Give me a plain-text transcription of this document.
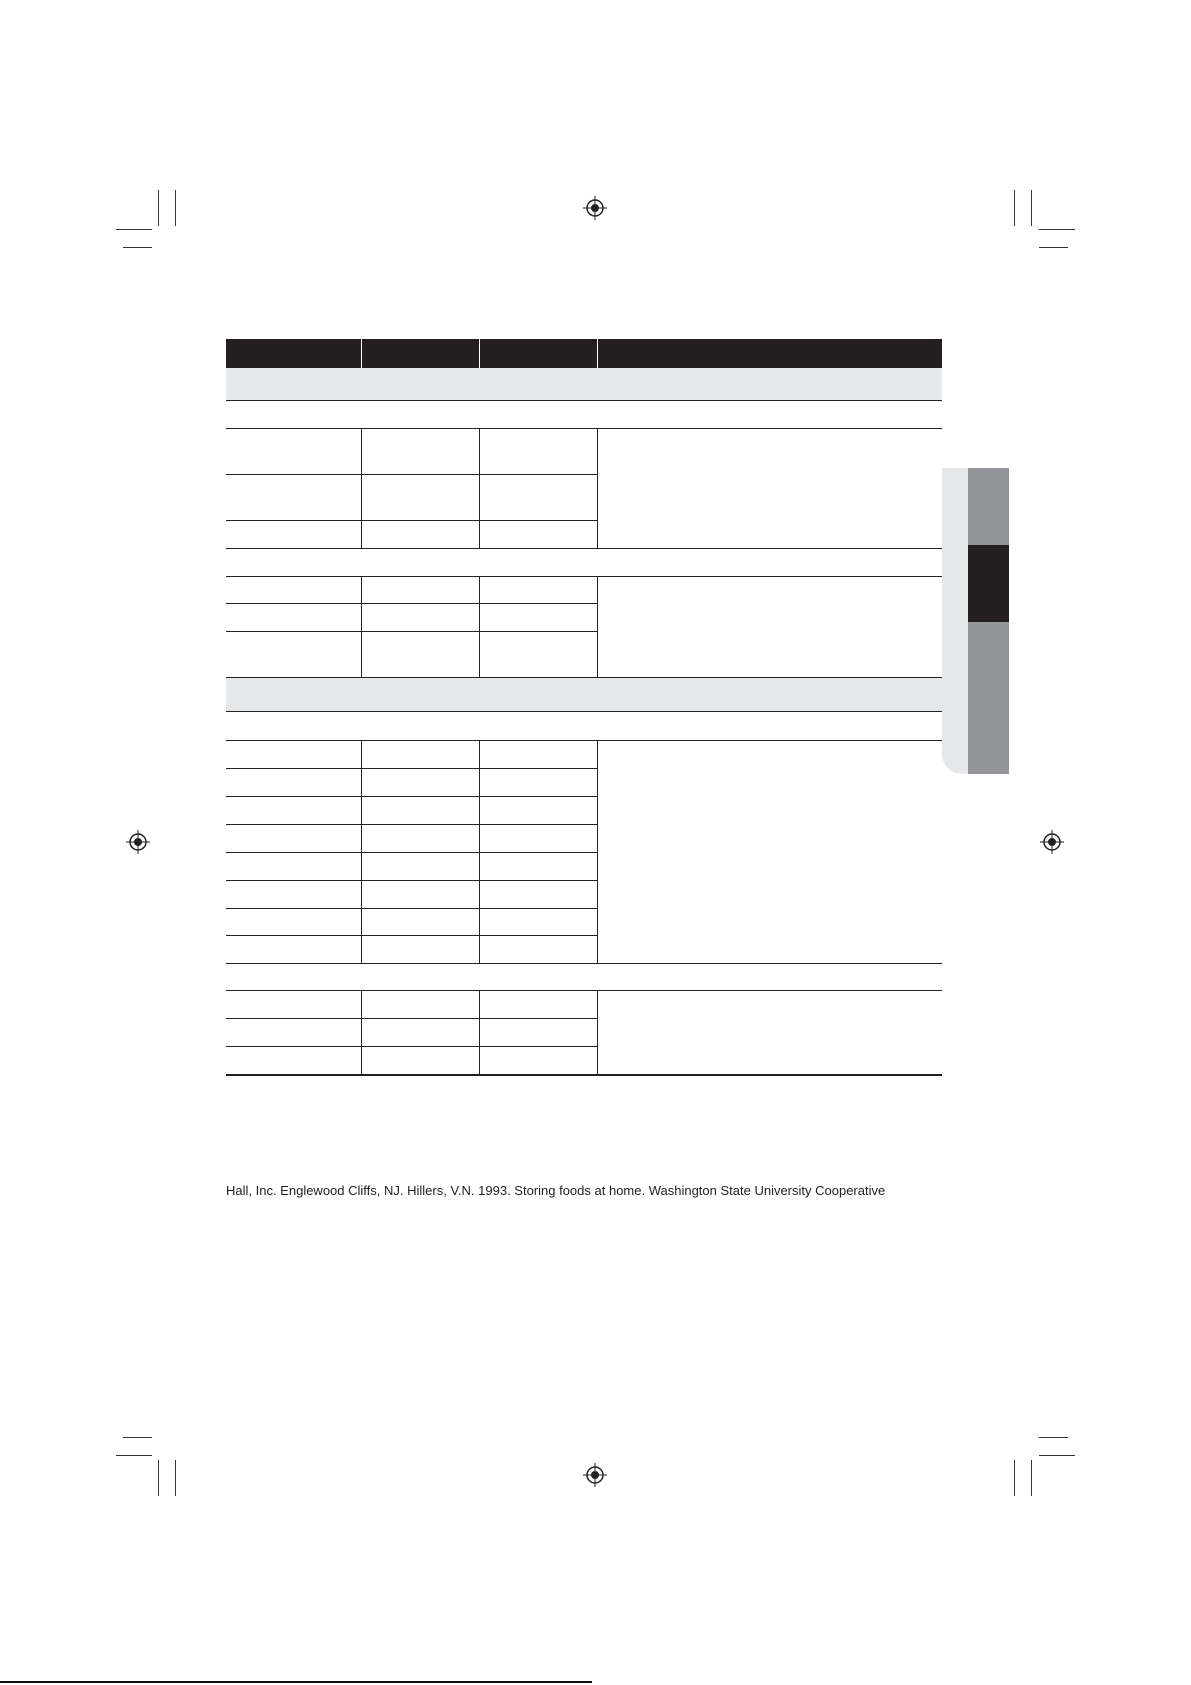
Hall, Inc. Englewood Cliffs, NJ. Hillers, V.N. 1993. Storing foods at home. Washington State University Cooperative
